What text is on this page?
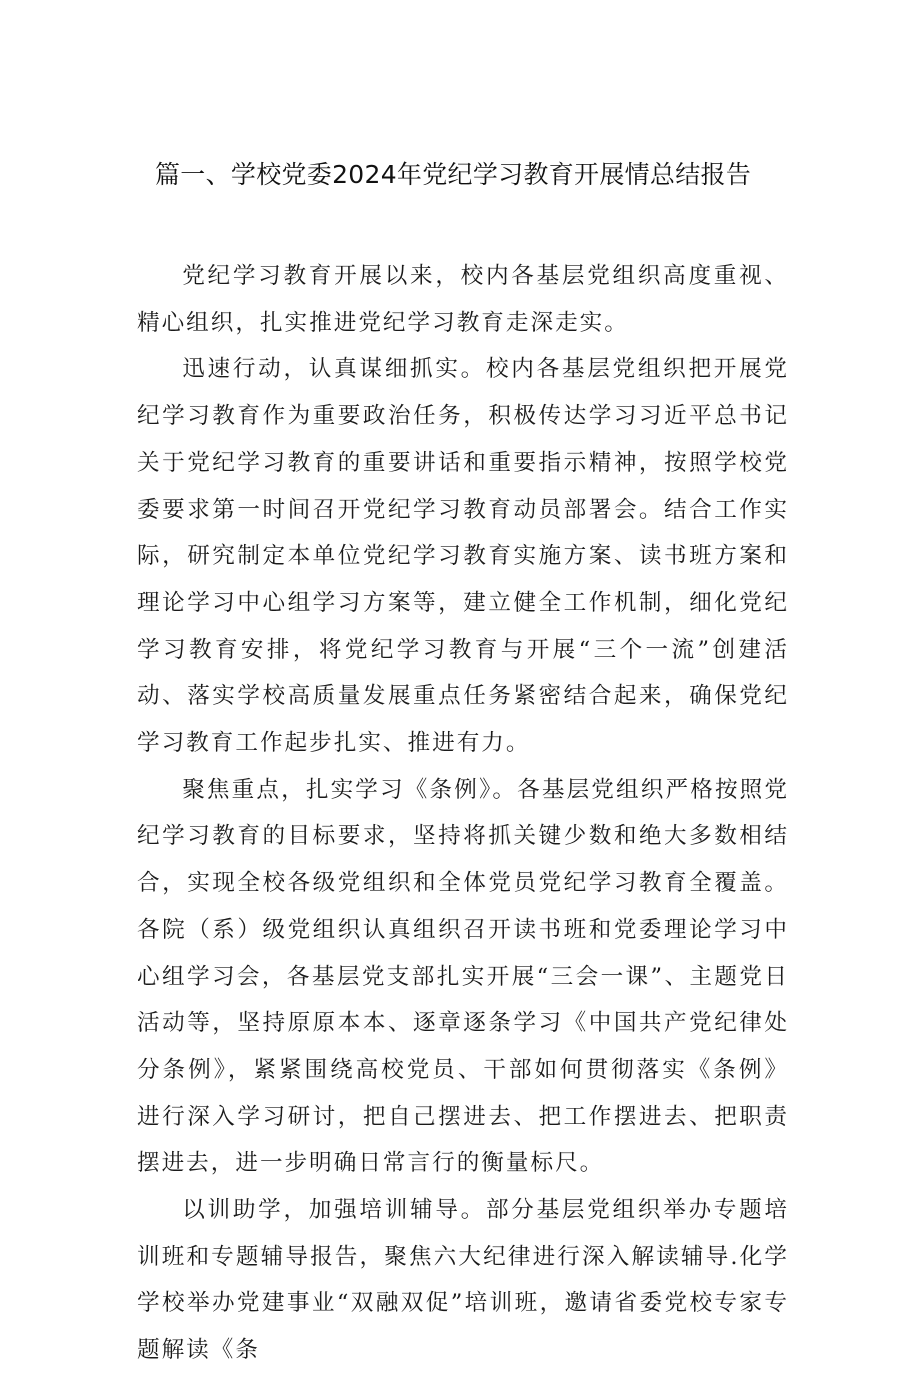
篇一、学校党委2024年党纪学习教育开展情总结报告

党纪学习教育开展以来，校内各基层党组织高度重视、精心组织，扎实推进党纪学习教育走深走实。

迅速行动，认真谋细抓实。校内各基层党组织把开展党纪学习教育作为重要政治任务，积极传达学习习近平总书记关于党纪学习教育的重要讲话和重要指示精神，按照学校党委要求第一时间召开党纪学习教育动员部署会。结合工作实际，研究制定本单位党纪学习教育实施方案、读书班方案和理论学习中心组学习方案等，建立健全工作机制，细化党纪学习教育安排，将党纪学习教育与开展“三个一流”创建活动、落实学校高质量发展重点任务紧密结合起来，确保党纪学习教育工作起步扎实、推进有力。

聚焦重点，扎实学习《条例》。各基层党组织严格按照党纪学习教育的目标要求，坚持将抓关键少数和绝大多数相结合，实现全校各级党组织和全体党员党纪学习教育全覆盖。各院（系）级党组织认真组织召开读书班和党委理论学习中心组学习会，各基层党支部扎实开展“三会一课”、主题党日活动等，坚持原原本本、逐章逐条学习《中国共产党纪律处分条例》，紧紧围绕高校党员、干部如何贯彻落实《条例》进行深入学习研讨，把自己摆进去、把工作摆进去、把职责摆进去，进一步明确日常言行的衡量标尺。

以训助学，加强培训辅导。部分基层党组织举办专题培训班和专题辅导报告，聚焦六大纪律进行深入解读辅导.化学学校举办党建事业“双融双促”培训班，邀请省委党校专家专题解读《条
